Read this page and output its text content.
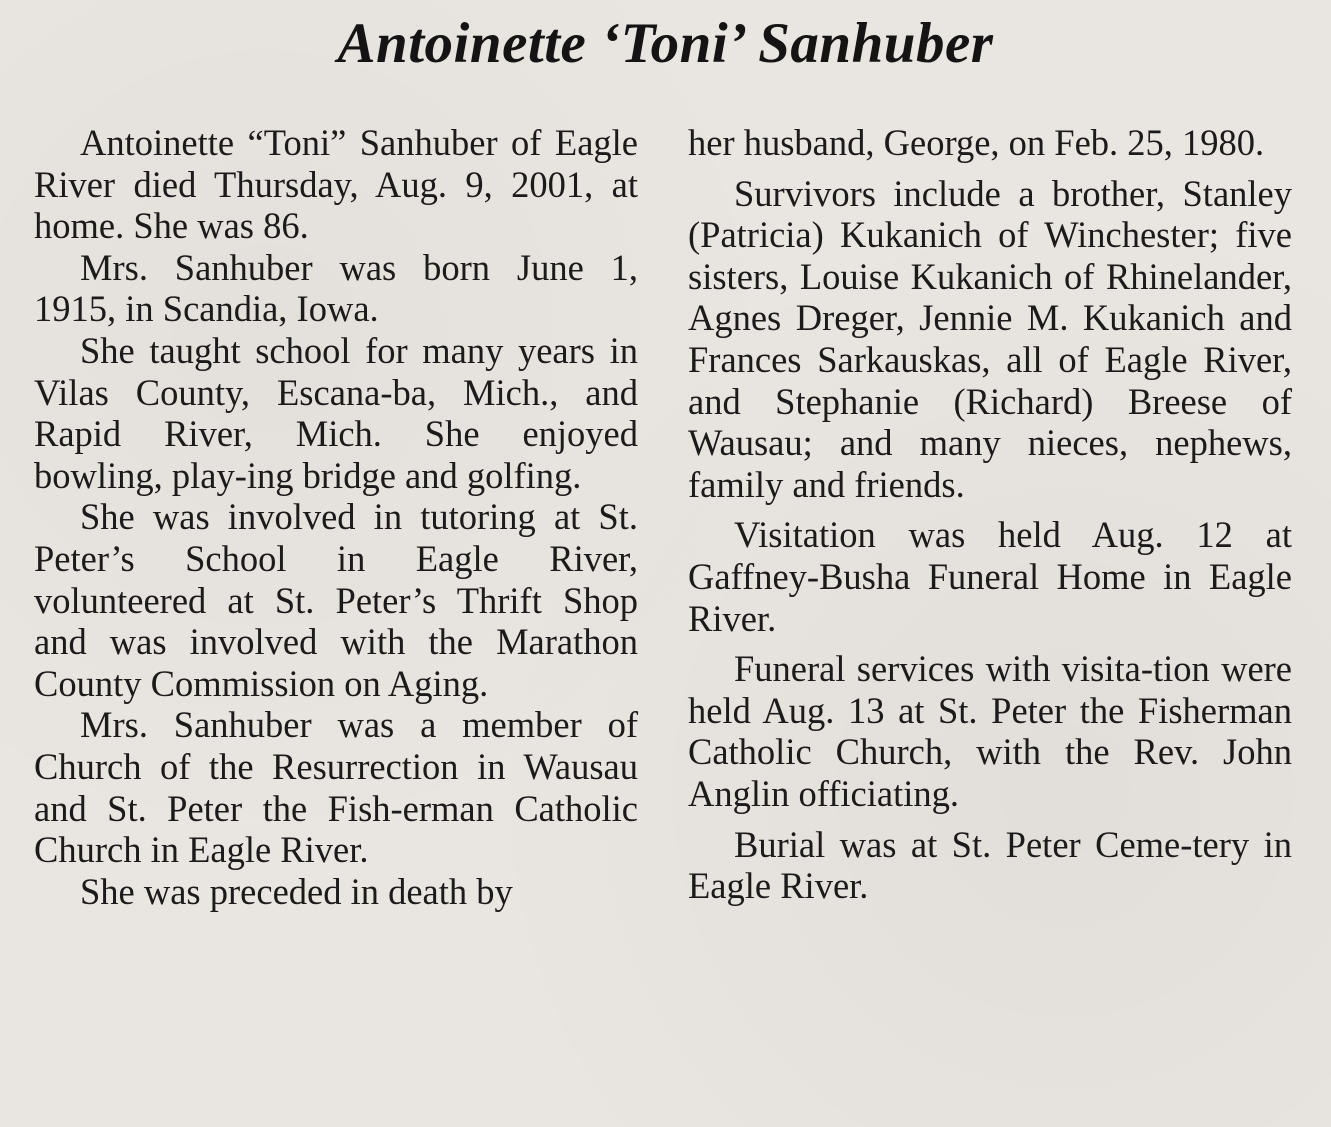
Antoinette ‘Toni’ Sanhuber

Antoinette “Toni” Sanhuber of Eagle River died Thursday, Aug. 9, 2001, at home. She was 86.

Mrs. Sanhuber was born June 1, 1915, in Scandia, Iowa.

She taught school for many years in Vilas County, Escana-ba, Mich., and Rapid River, Mich. She enjoyed bowling, play-ing bridge and golfing.

She was involved in tutoring at St. Peter’s School in Eagle River, volunteered at St. Peter’s Thrift Shop and was involved with the Marathon County Commission on Aging.

Mrs. Sanhuber was a member of Church of the Resurrection in Wausau and St. Peter the Fish-erman Catholic Church in Eagle River.

She was preceded in death by

her husband, George, on Feb. 25, 1980.

Survivors include a brother, Stanley (Patricia) Kukanich of Winchester; five sisters, Louise Kukanich of Rhinelander, Agnes Dreger, Jennie M. Kukanich and Frances Sarkauskas, all of Eagle River, and Stephanie (Richard) Breese of Wausau; and many nieces, nephews, family and friends.

Visitation was held Aug. 12 at Gaffney-Busha Funeral Home in Eagle River.

Funeral services with visita-tion were held Aug. 13 at St. Peter the Fisherman Catholic Church, with the Rev. John Anglin officiating.

Burial was at St. Peter Ceme-tery in Eagle River.
